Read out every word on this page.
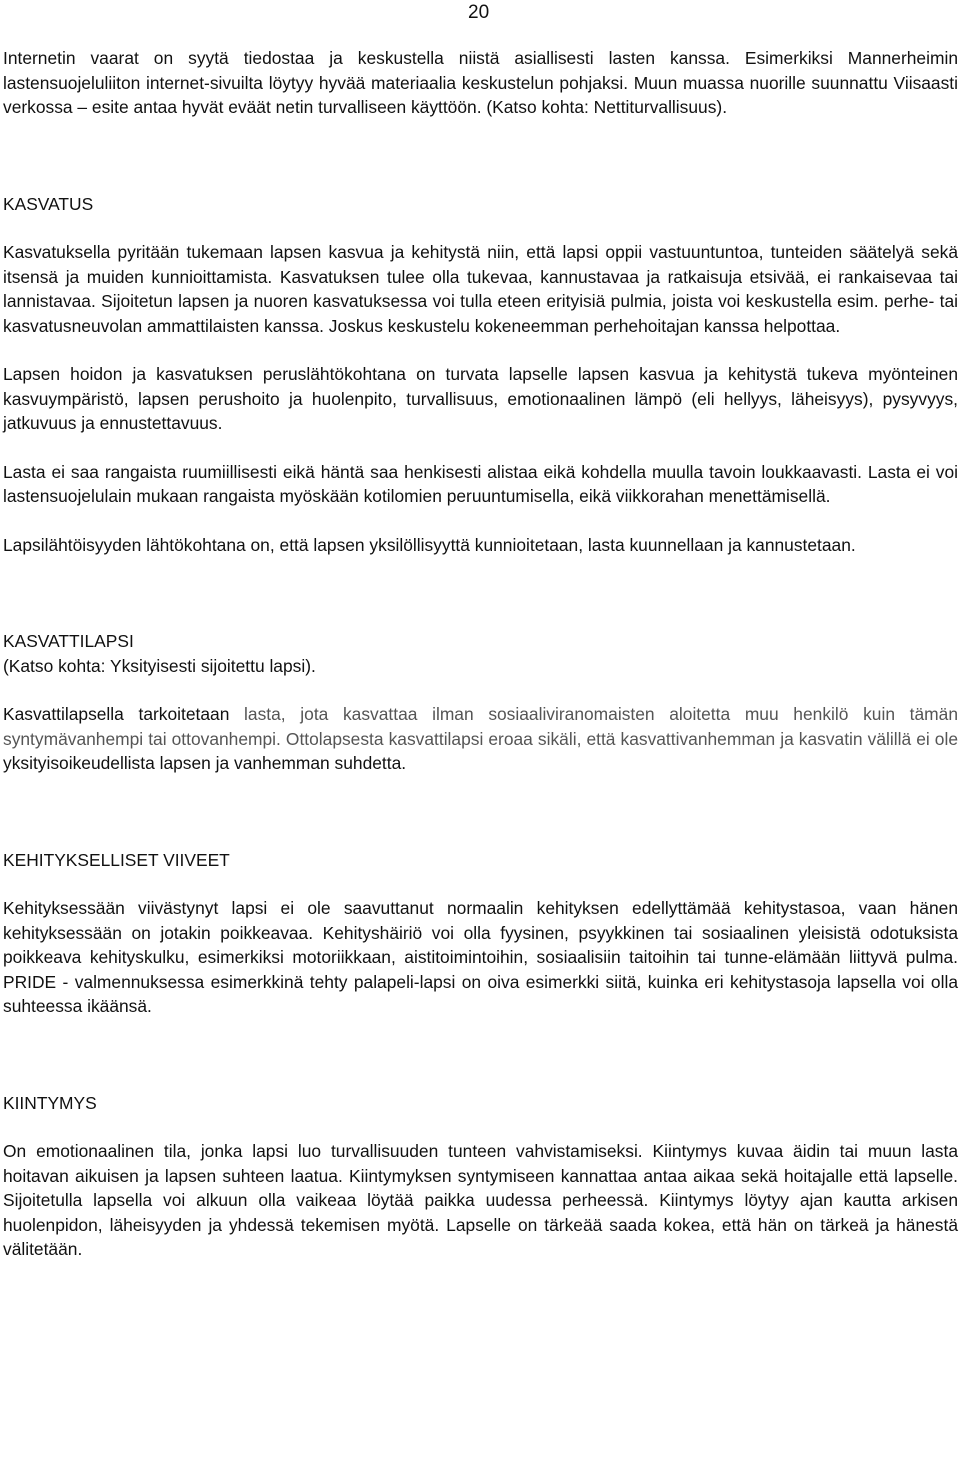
20

Internetin vaarat on syytä tiedostaa ja keskustella niistä asiallisesti lasten kanssa. Esimerkiksi Mannerheimin lastensuojeluliiton internet-sivuilta löytyy hyvää materiaalia keskustelun pohjaksi. Muun muassa nuorille suunnattu Viisaasti verkossa – esite antaa hyvät eväät netin turvalliseen käyttöön. (Katso kohta: Nettiturvallisuus).

KASVATUS

Kasvatuksella pyritään tukemaan lapsen kasvua ja kehitystä niin, että lapsi oppii vastuuntuntoa, tunteiden säätelyä sekä itsensä ja muiden kunnioittamista. Kasvatuksen tulee olla tukevaa, kannustavaa ja ratkaisuja etsivää, ei rankaisevaa tai lannistavaa. Sijoitetun lapsen ja nuoren kasvatuksessa voi tulla eteen erityisiä pulmia, joista voi keskustella esim. perhe- tai kasvatusneuvolan ammattilaisten kanssa. Joskus keskustelu kokeneemman perhehoitajan kanssa helpottaa.

Lapsen hoidon ja kasvatuksen peruslähtökohtana on turvata lapselle lapsen kasvua ja kehitystä tukeva myönteinen kasvuympäristö, lapsen perushoito ja huolenpito, turvallisuus, emotionaalinen lämpö (eli hellyys, läheisyys), pysyvyys, jatkuvuus ja ennustettavuus.

Lasta ei saa rangaista ruumiillisesti eikä häntä saa henkisesti alistaa eikä kohdella muulla tavoin loukkaavasti. Lasta ei voi lastensuojelulain mukaan rangaista myöskään kotilomien peruuntumisella, eikä viikkorahan menettämisellä.

Lapsilähtöisyyden lähtökohtana on, että lapsen yksilöllisyyttä kunnioitetaan, lasta kuunnellaan ja kannustetaan.

KASVATTILAPSI

(Katso kohta: Yksityisesti sijoitettu lapsi).

Kasvattilapsella tarkoitetaan lasta, jota kasvattaa ilman sosiaaliviranomaisten aloitetta muu henkilö kuin tämän syntymävanhempi tai ottovanhempi. Ottolapsesta kasvattilapsi eroaa sikäli, että kasvattivanhemman ja kasvatin välillä ei ole yksityisoikeudellista lapsen ja vanhemman suhdetta.

KEHITYKSELLISET VIIVEET

Kehityksessään viivästynyt lapsi ei ole saavuttanut normaalin kehityksen edellyttämää kehitystasoa, vaan hänen kehityksessään on jotakin poikkeavaa. Kehityshäiriö voi olla fyysinen, psyykkinen tai sosiaalinen yleisistä odotuksista poikkeava kehityskulku, esimerkiksi motoriikkaan, aistitoimintoihin, sosiaalisiin taitoihin tai tunne-elämään liittyvä pulma. PRIDE - valmennuksessa esimerkkinä tehty palapeli-lapsi on oiva esimerkki siitä, kuinka eri kehitystasoja lapsella voi olla suhteessa ikäänsä.

KIINTYMYS

On emotionaalinen tila, jonka lapsi luo turvallisuuden tunteen vahvistamiseksi. Kiintymys kuvaa äidin tai muun lasta hoitavan aikuisen ja lapsen suhteen laatua. Kiintymyksen syntymiseen kannattaa antaa aikaa sekä hoitajalle että lapselle. Sijoitetulla lapsella voi alkuun olla vaikeaa löytää paikka uudessa perheessä. Kiintymys löytyy ajan kautta arkisen huolenpidon, läheisyyden ja yhdessä tekemisen myötä. Lapselle on tärkeää saada kokea, että hän on tärkeä ja hänestä välitetään.
